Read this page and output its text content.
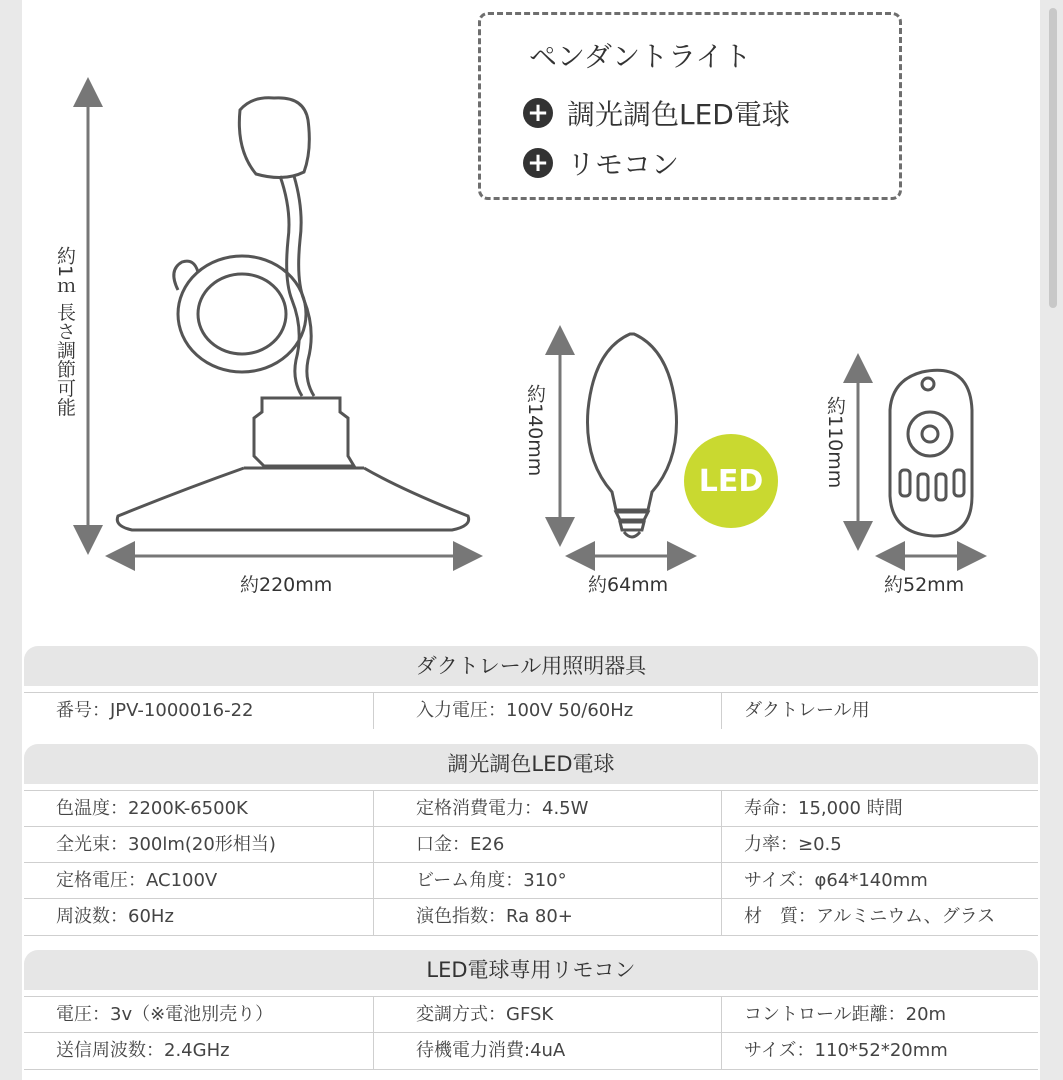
ペンダントライト
+ 調光調色LED電球
+ リモコン
約1ｍ 長さ調節可能
約220mm
約140mm
約64mm
約110mm
約52mm
LED
ダクトレール用照明器具
番号：JPV-1000016-22	入力電圧：100V 50/60Hz	ダクトレール用
調光調色LED電球
色温度：2200K-6500K	定格消費電力：4.5W	寿命：15,000 時間
全光束：300lm(20形相当)	口金：E26	力率：≥0.5
定格電圧：AC100V	ビーム角度：310°	サイズ：φ64*140mm
周波数：60Hz	演色指数：Ra 80+	材　質：アルミニウム、グラス
LED電球専用リモコン
電圧：3v（※電池別売り）	変調方式：GFSK	コントロール距離：20m
送信周波数：2.4GHz	待機電力消費:4uA	サイズ：110*52*20mm
